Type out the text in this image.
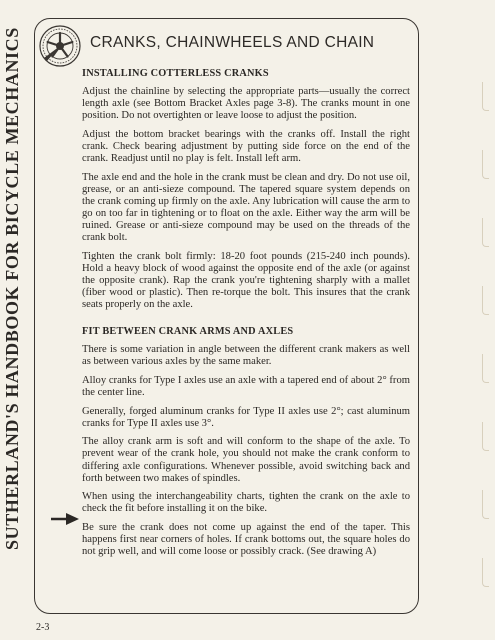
SUTHERLAND'S HANDBOOK FOR BICYCLE MECHANICS	CRANKS, CHAINWHEELS AND CHAIN
INSTALLING COTTERLESS CRANKS

Adjust the chainline by selecting the appropriate parts—usually the correct length axle (see Bottom Bracket Axles page 3-8). The cranks mount in one position. Do not overtighten or leave loose to adjust the position.

Adjust the bottom bracket bearings with the cranks off. Install the right crank. Check bearing adjustment by putting side force on the end of the crank. Readjust until no play is felt. Install left arm.

The axle end and the hole in the crank must be clean and dry. Do not use oil, grease, or an anti-sieze compound. The tapered square system depends on the crank coming up firmly on the axle. Any lubrication will cause the arm to go on too far in tightening or to float on the axle. Either way the arm will be ruined. Grease or anti-sieze compound may be used on the threads of the crank bolt.

Tighten the crank bolt firmly: 18-20 foot pounds (215-240 inch pounds). Hold a heavy block of wood against the opposite end of the axle (or against the opposite crank). Rap the crank you're tightening sharply with a mallet (fiber wood or plastic). Then re-torque the bolt. This insures that the crank seats properly on the axle.

FIT BETWEEN CRANK ARMS AND AXLES

There is some variation in angle between the different crank makers as well as between various axles by the same maker.

Alloy cranks for Type I axles use an axle with a tapered end of about 2° from the center line.

Generally, forged aluminum cranks for Type II axles use 2°; cast aluminum cranks for Type II axles use 3°.

The alloy crank arm is soft and will conform to the shape of the axle. To prevent wear of the crank hole, you should not make the crank conform to differing axle configurations. Whenever possible, avoid switching back and forth between two makes of spindles.

When using the interchangeability charts, tighten the crank on the axle to check the fit before installing it on the bike.

Be sure the crank does not come up against the end of the taper. This happens first near corners of holes. If crank bottoms out, the square holes do not grip well, and will come loose or possibly crack. (See drawing A)

2-3
